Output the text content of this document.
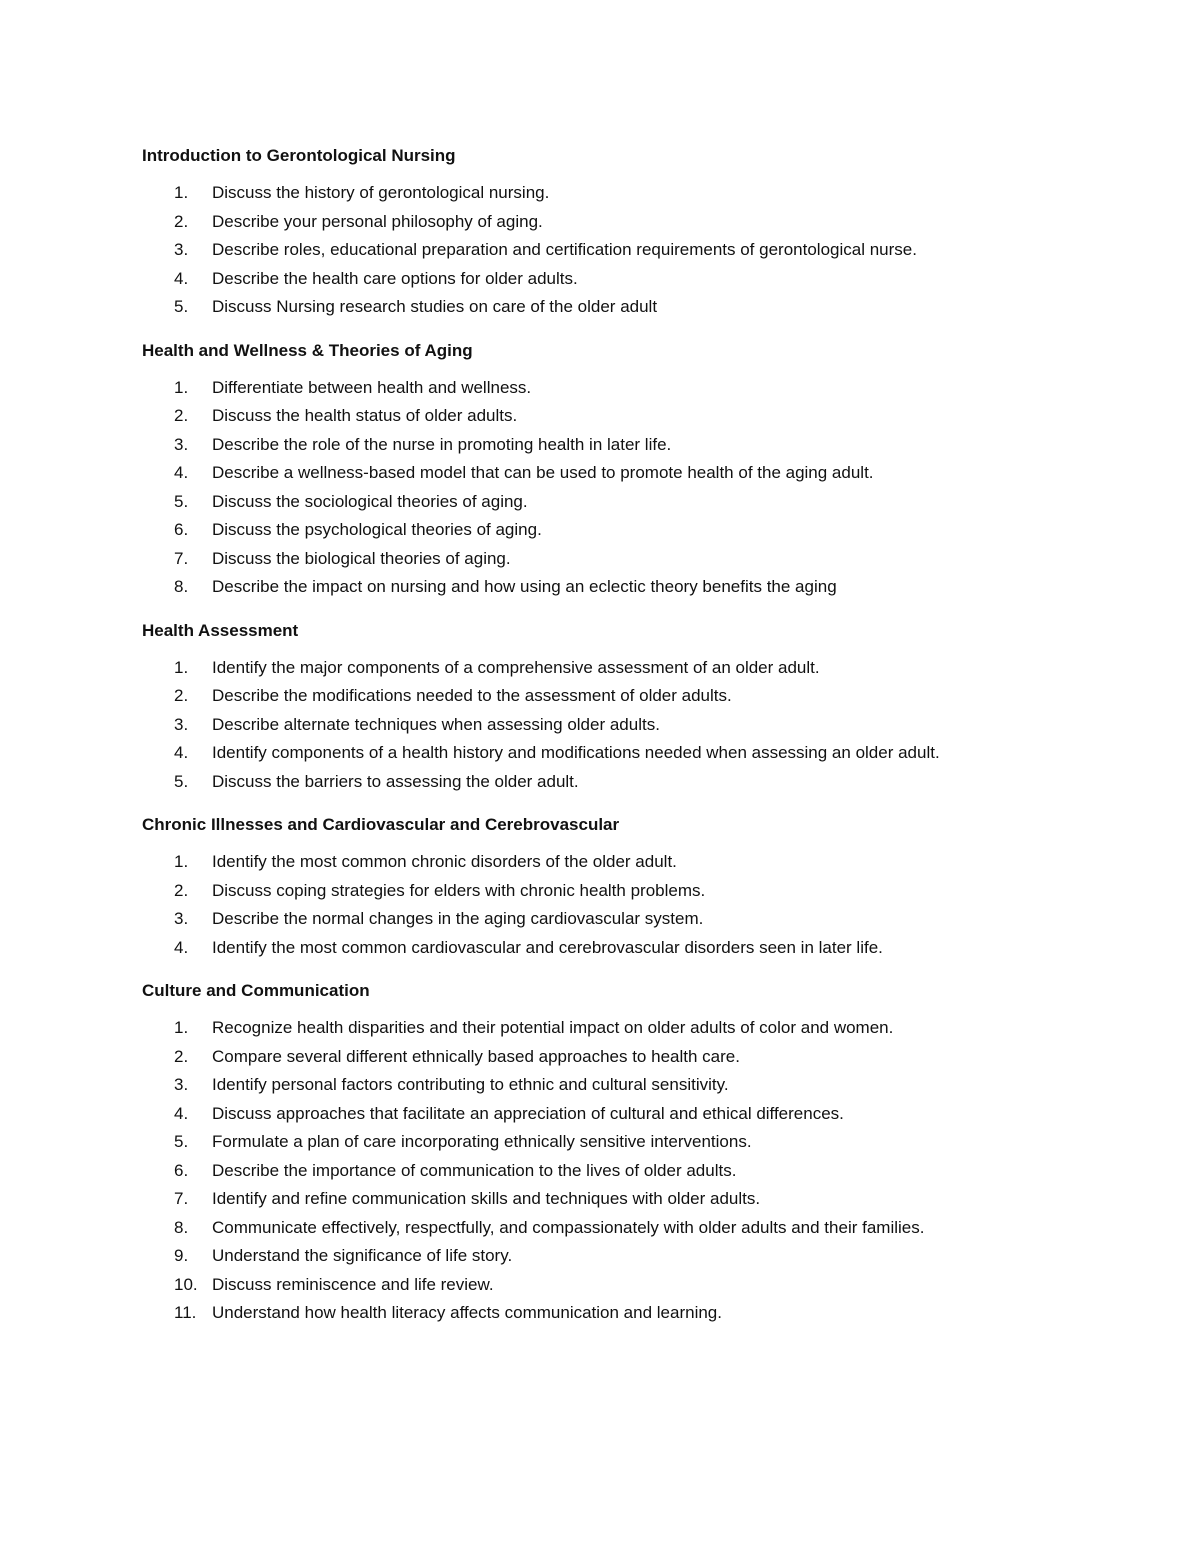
Introduction to Gerontological Nursing
1. Discuss the history of gerontological nursing.
2. Describe your personal philosophy of aging.
3. Describe roles, educational preparation and certification requirements of gerontological nurse.
4. Describe the health care options for older adults.
5. Discuss Nursing research studies on care of the older adult
Health and Wellness & Theories of Aging
1. Differentiate between health and wellness.
2. Discuss the health status of older adults.
3. Describe the role of the nurse in promoting health in later life.
4. Describe a wellness-based model that can be used to promote health of the aging adult.
5. Discuss the sociological theories of aging.
6. Discuss the psychological theories of aging.
7. Discuss the biological theories of aging.
8. Describe the impact on nursing and how using an eclectic theory benefits the aging
Health Assessment
1. Identify the major components of a comprehensive assessment of an older adult.
2. Describe the modifications needed to the assessment of older adults.
3. Describe alternate techniques when assessing older adults.
4. Identify components of a health history and modifications needed when assessing an older adult.
5. Discuss the barriers to assessing the older adult.
Chronic Illnesses and Cardiovascular and Cerebrovascular
1. Identify the most common chronic disorders of the older adult.
2. Discuss coping strategies for elders with chronic health problems.
3. Describe the normal changes in the aging cardiovascular system.
4. Identify the most common cardiovascular and cerebrovascular disorders seen in later life.
Culture and Communication
1. Recognize health disparities and their potential impact on older adults of color and women.
2. Compare several different ethnically based approaches to health care.
3. Identify personal factors contributing to ethnic and cultural sensitivity.
4. Discuss approaches that facilitate an appreciation of cultural and ethical differences.
5. Formulate a plan of care incorporating ethnically sensitive interventions.
6. Describe the importance of communication to the lives of older adults.
7. Identify and refine communication skills and techniques with older adults.
8. Communicate effectively, respectfully, and compassionately with older adults and their families.
9. Understand the significance of life story.
10. Discuss reminiscence and life review.
11. Understand how health literacy affects communication and learning.
